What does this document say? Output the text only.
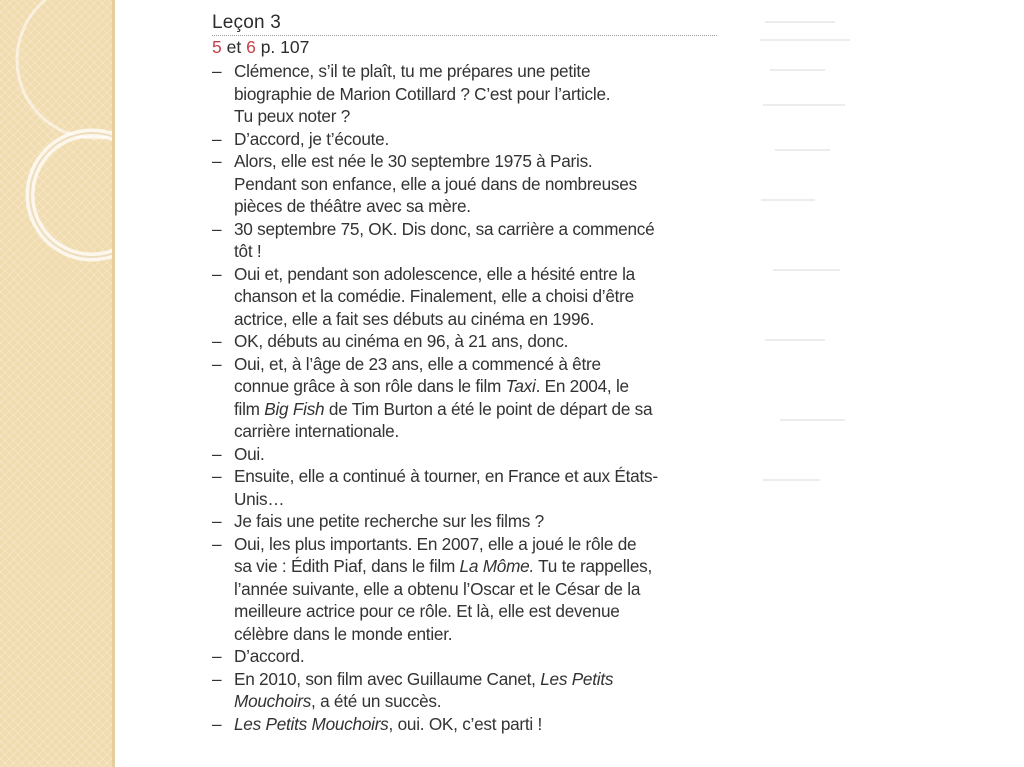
Leçon 3
5 et 6 p. 107
– Clémence, s’il te plaît, tu me prépares une petite
biographie de Marion Cotillard ? C’est pour l’article.
Tu peux noter ?
– D’accord, je t’écoute.
– Alors, elle est née le 30 septembre 1975 à Paris.
Pendant son enfance, elle a joué dans de nombreuses
pièces de théâtre avec sa mère.
– 30 septembre 75, OK. Dis donc, sa carrière a commencé
tôt !
– Oui et, pendant son adolescence, elle a hésité entre la
chanson et la comédie. Finalement, elle a choisi d’être
actrice, elle a fait ses débuts au cinéma en 1996.
– OK, débuts au cinéma en 96, à 21 ans, donc.
– Oui, et, à l’âge de 23 ans, elle a commencé à être
connue grâce à son rôle dans le film Taxi. En 2004, le
film Big Fish de Tim Burton a été le point de départ de sa
carrière internationale.
– Oui.
– Ensuite, elle a continué à tourner, en France et aux États-
Unis…
– Je fais une petite recherche sur les films ?
– Oui, les plus importants. En 2007, elle a joué le rôle de
sa vie : Édith Piaf, dans le film La Môme. Tu te rappelles,
l’année suivante, elle a obtenu l’Oscar et le César de la
meilleure actrice pour ce rôle. Et là, elle est devenue
célèbre dans le monde entier.
– D’accord.
– En 2010, son film avec Guillaume Canet, Les Petits
Mouchoirs, a été un succès.
– Les Petits Mouchoirs, oui. OK, c’est parti !
